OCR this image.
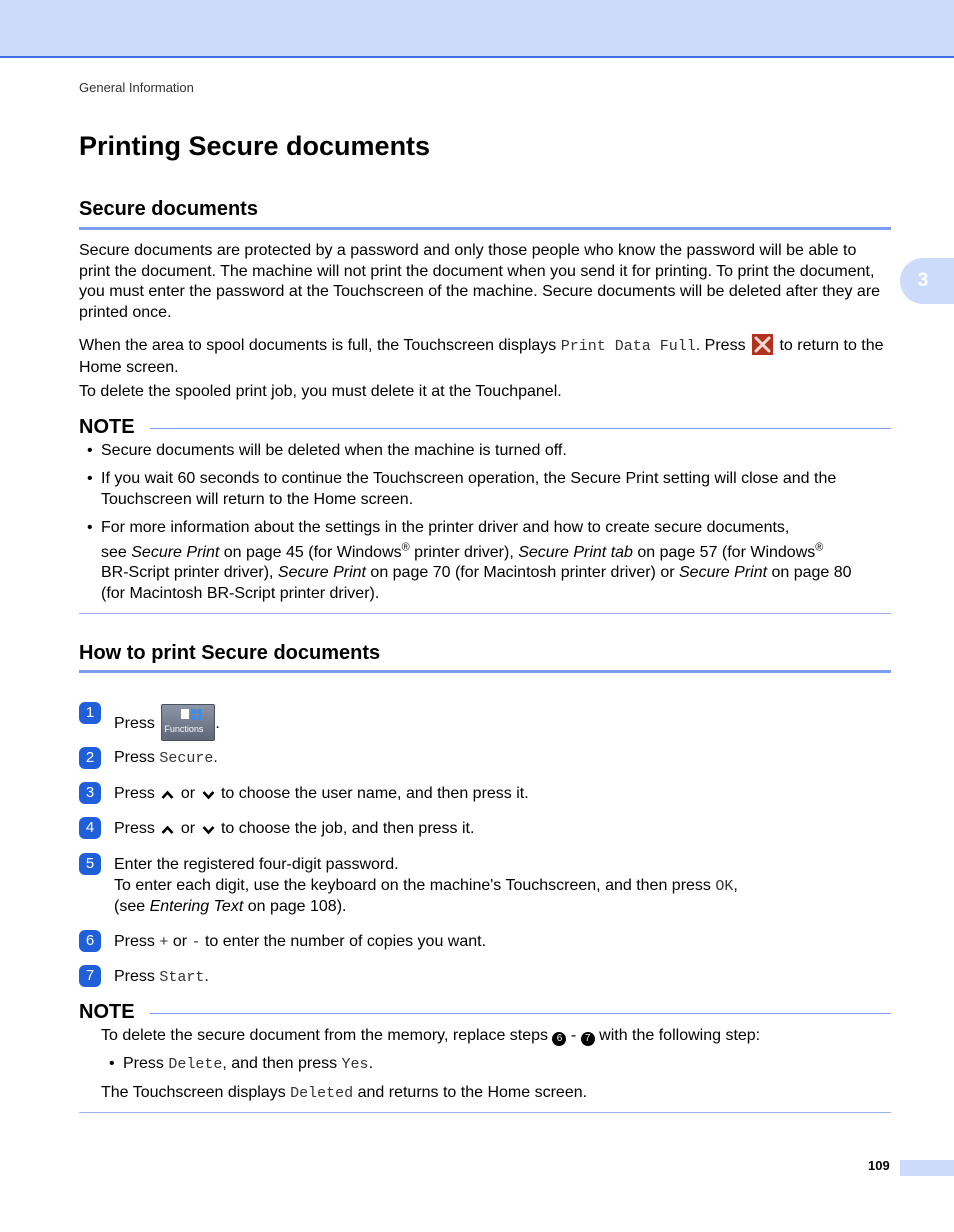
General Information
3
Printing Secure documents
Secure documents
Secure documents are protected by a password and only those people who know the password will be able to print the document. The machine will not print the document when you send it for printing. To print the document, you must enter the password at the Touchscreen of the machine. Secure documents will be deleted after they are printed once.
When the area to spool documents is full, the Touchscreen displays Print Data Full. Press
to return to the Home screen.
To delete the spooled print job, you must delete it at the Touchpanel.
NOTE
• Secure documents will be deleted when the machine is turned off.
• If you wait 60 seconds to continue the Touchscreen operation, the Secure Print setting will close and the Touchscreen will return to the Home screen.
• For more information about the settings in the printer driver and how to create secure documents,
see Secure Print on page 45 (for Windows® printer driver), Secure Print tab on page 57 (for Windows®
BR-Script printer driver), Secure Print on page 70 (for Macintosh printer driver) or Secure Print on page 80
(for Macintosh BR-Script printer driver).
How to print Secure documents
1
Press Functions .
2	Press Secure.
3	Press or  to choose the user name, and then press it.
4	Press or  to choose the job, and then press it.
5	Enter the registered four-digit password.
To enter each digit, use the keyboard on the machine's Touchscreen, and then press OK,
(see Entering Text on page 108).
6	Press + or - to enter the number of copies you want.
7	Press Start.
NOTE
To delete the secure document from the memory, replace steps 6 - 7 with the following step:
• Press Delete, and then press Yes.
The Touchscreen displays Deleted and returns to the Home screen.
109
